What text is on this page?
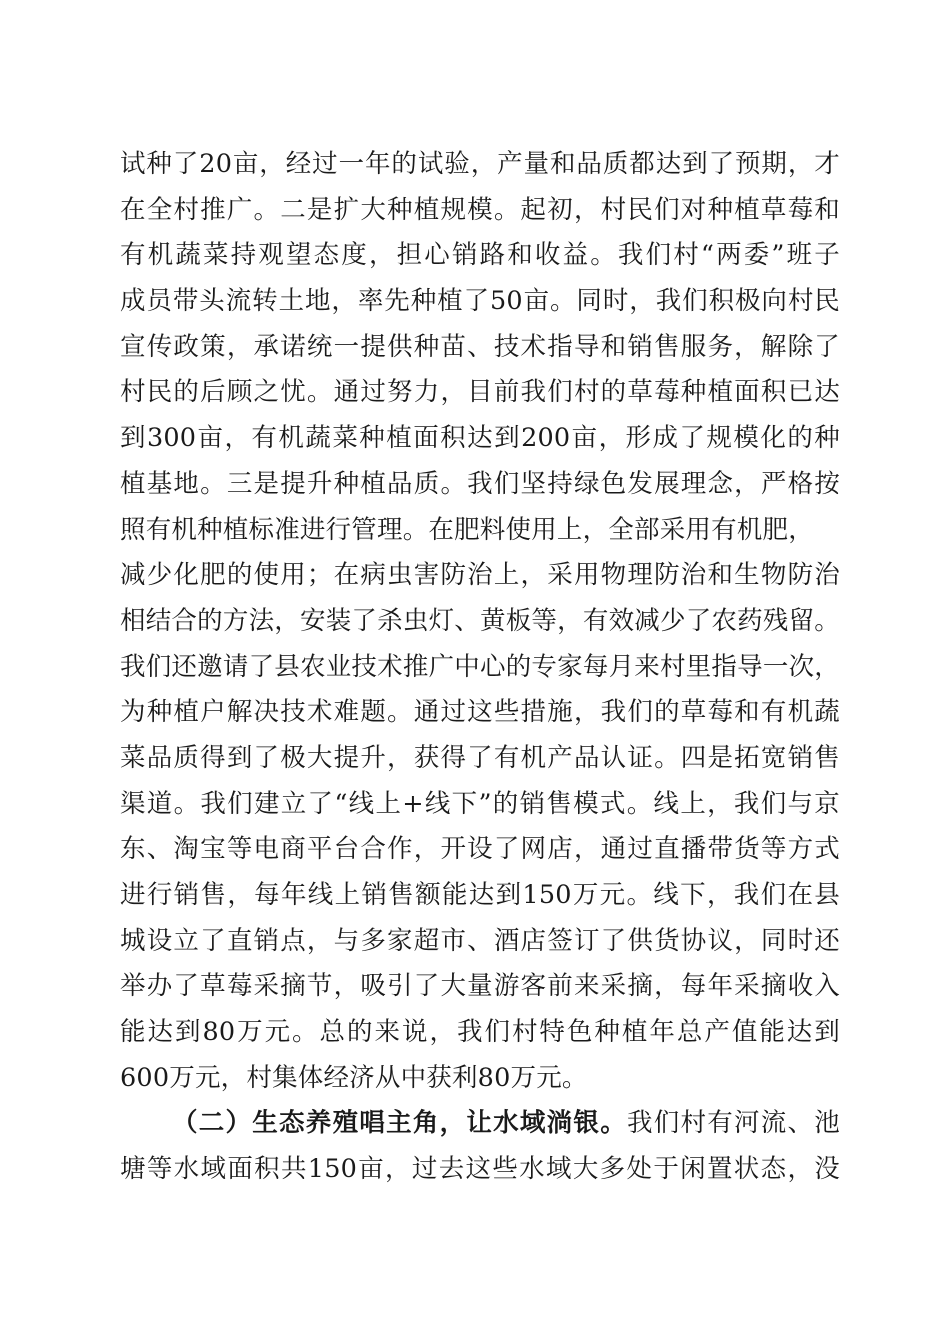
试种了20亩，经过一年的试验，产量和品质都达到了预期，才
在全村推广。二是扩大种植规模。起初，村民们对种植草莓和
有机蔬菜持观望态度，担心销路和收益。我们村“两委”班子
成员带头流转土地，率先种植了50亩。同时，我们积极向村民
宣传政策，承诺统一提供种苗、技术指导和销售服务，解除了
村民的后顾之忧。通过努力，目前我们村的草莓种植面积已达
到300亩，有机蔬菜种植面积达到200亩，形成了规模化的种
植基地。三是提升种植品质。我们坚持绿色发展理念，严格按
照有机种植标准进行管理。在肥料使用上，全部采用有机肥，
减少化肥的使用；在病虫害防治上，采用物理防治和生物防治
相结合的方法，安装了杀虫灯、黄板等，有效减少了农药残留。
我们还邀请了县农业技术推广中心的专家每月来村里指导一次，
为种植户解决技术难题。通过这些措施，我们的草莓和有机蔬
菜品质得到了极大提升，获得了有机产品认证。四是拓宽销售
渠道。我们建立了“线上+线下”的销售模式。线上，我们与京
东、淘宝等电商平台合作，开设了网店，通过直播带货等方式
进行销售，每年线上销售额能达到150万元。线下，我们在县
城设立了直销点，与多家超市、酒店签订了供货协议，同时还
举办了草莓采摘节，吸引了大量游客前来采摘，每年采摘收入
能达到80万元。总的来说，我们村特色种植年总产值能达到
600万元，村集体经济从中获利80万元。
（二）生态养殖唱主角，让水域淌银。我们村有河流、池
塘等水域面积共150亩，过去这些水域大多处于闲置状态，没
